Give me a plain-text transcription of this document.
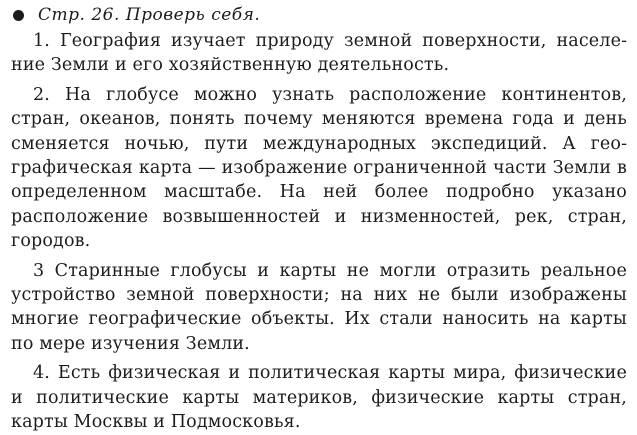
Стр. 26. Проверь себя.

1. География изучает природу земной поверхности, население Земли и его хозяйственную деятельность.

2. На глобусе можно узнать расположение континентов, стран, океанов, понять почему меняются времена года и день сменяется ночью, пути международных экспедиций. А географическая карта — изображение ограниченной части Земли в определенном масштабе. На ней более подробно указано расположение возвышенностей и низменностей, рек, стран, городов.

3 Старинные глобусы и карты не могли отразить реальное устройство земной поверхности; на них не были изображены многие географические объекты. Их стали наносить на карты по мере изучения Земли.

4. Есть физическая и политическая карты мира, физические и политические карты материков, физические карты стран, карты Москвы и Подмосковья.
